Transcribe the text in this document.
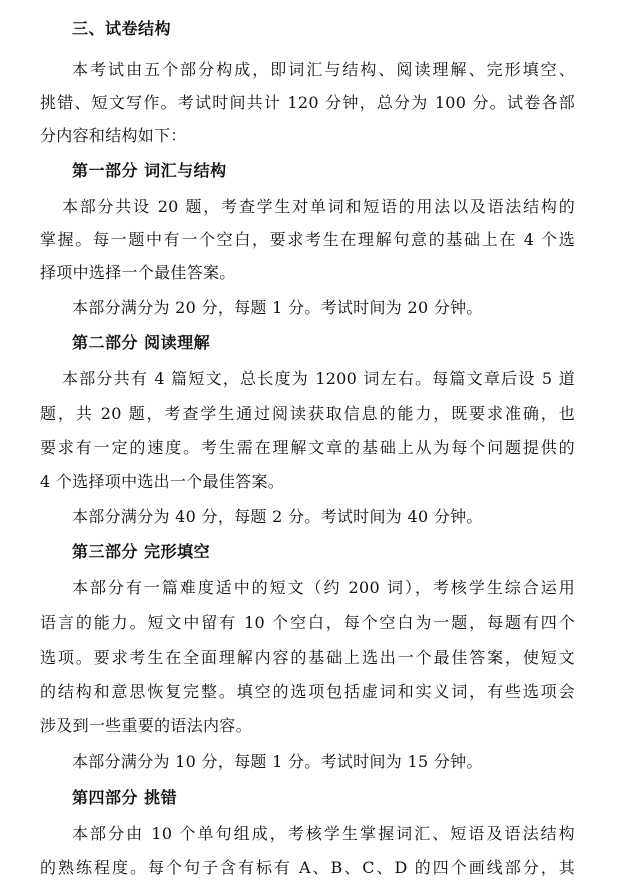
三、试卷结构
本考试由五个部分构成，即词汇与结构、阅读理解、完形填空、
挑错、短文写作。考试时间共计 120 分钟，总分为 100 分。试卷各部
分内容和结构如下：
第一部分 词汇与结构
本部分共设 20 题，考查学生对单词和短语的用法以及语法结构的
掌握。每一题中有一个空白，要求考生在理解句意的基础上在 4 个选
择项中选择一个最佳答案。
本部分满分为 20 分，每题 1 分。考试时间为 20 分钟。
第二部分 阅读理解
本部分共有 4 篇短文，总长度为 1200 词左右。每篇文章后设 5 道
题，共 20 题，考查学生通过阅读获取信息的能力，既要求准确，也
要求有一定的速度。考生需在理解文章的基础上从为每个问题提供的
4 个选择项中选出一个最佳答案。
本部分满分为 40 分，每题 2 分。考试时间为 40 分钟。
第三部分 完形填空
本部分有一篇难度适中的短文（约 200 词），考核学生综合运用
语言的能力。短文中留有 10 个空白，每个空白为一题，每题有四个
选项。要求考生在全面理解内容的基础上选出一个最佳答案，使短文
的结构和意思恢复完整。填空的选项包括虚词和实义词，有些选项会
涉及到一些重要的语法内容。
本部分满分为 10 分，每题 1 分。考试时间为 15 分钟。
第四部分 挑错
本部分由 10 个单句组成，考核学生掌握词汇、短语及语法结构
的熟练程度。每个句子含有标有 A、B、C、D 的四个画线部分，其
